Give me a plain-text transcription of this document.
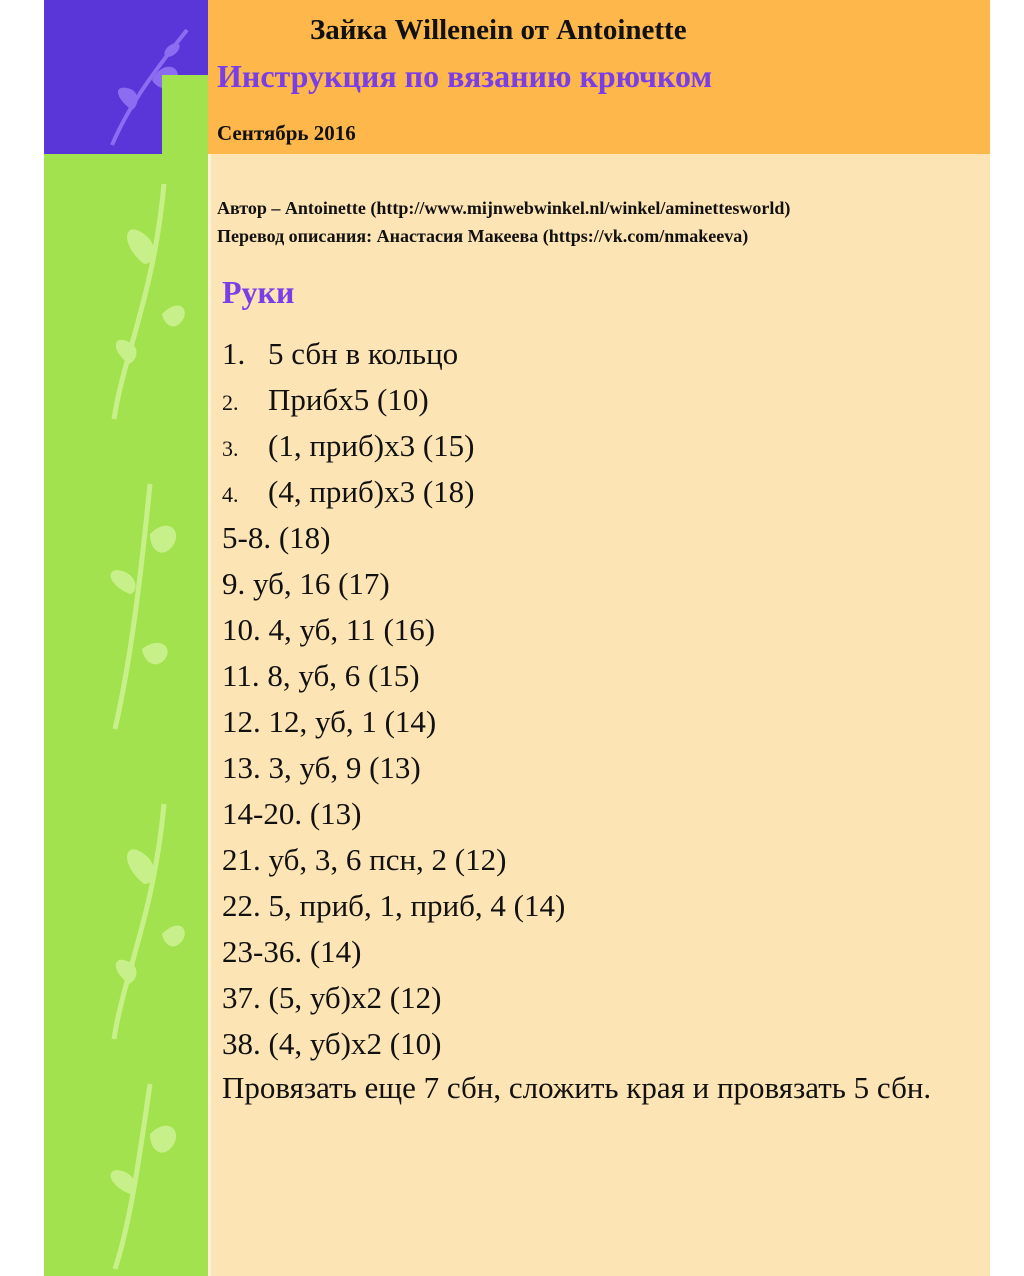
Зайка Willenein от Antoinette
Инструкция по вязанию крючком
Сентябрь 2016
Автор – Antoinette (http://www.mijnwebwinkel.nl/winkel/aminettesworld)
Перевод описания: Анастасия Макеева (https://vk.com/nmakeeva)
Руки
1. 5 сбн в кольцо
2. Прибx5 (10)
3. (1, приб)x3 (15)
4. (4, приб)x3 (18)
5-8. (18)
9. уб, 16 (17)
10. 4, уб, 11 (16)
11. 8, уб, 6 (15)
12. 12, уб, 1 (14)
13. 3, уб, 9 (13)
14-20. (13)
21. уб, 3, 6 псн, 2 (12)
22. 5, приб, 1, приб, 4 (14)
23-36. (14)
37. (5, уб)x2 (12)
38. (4, уб)x2 (10)
Провязать еще 7 сбн, сложить края и провязать 5 сбн.
